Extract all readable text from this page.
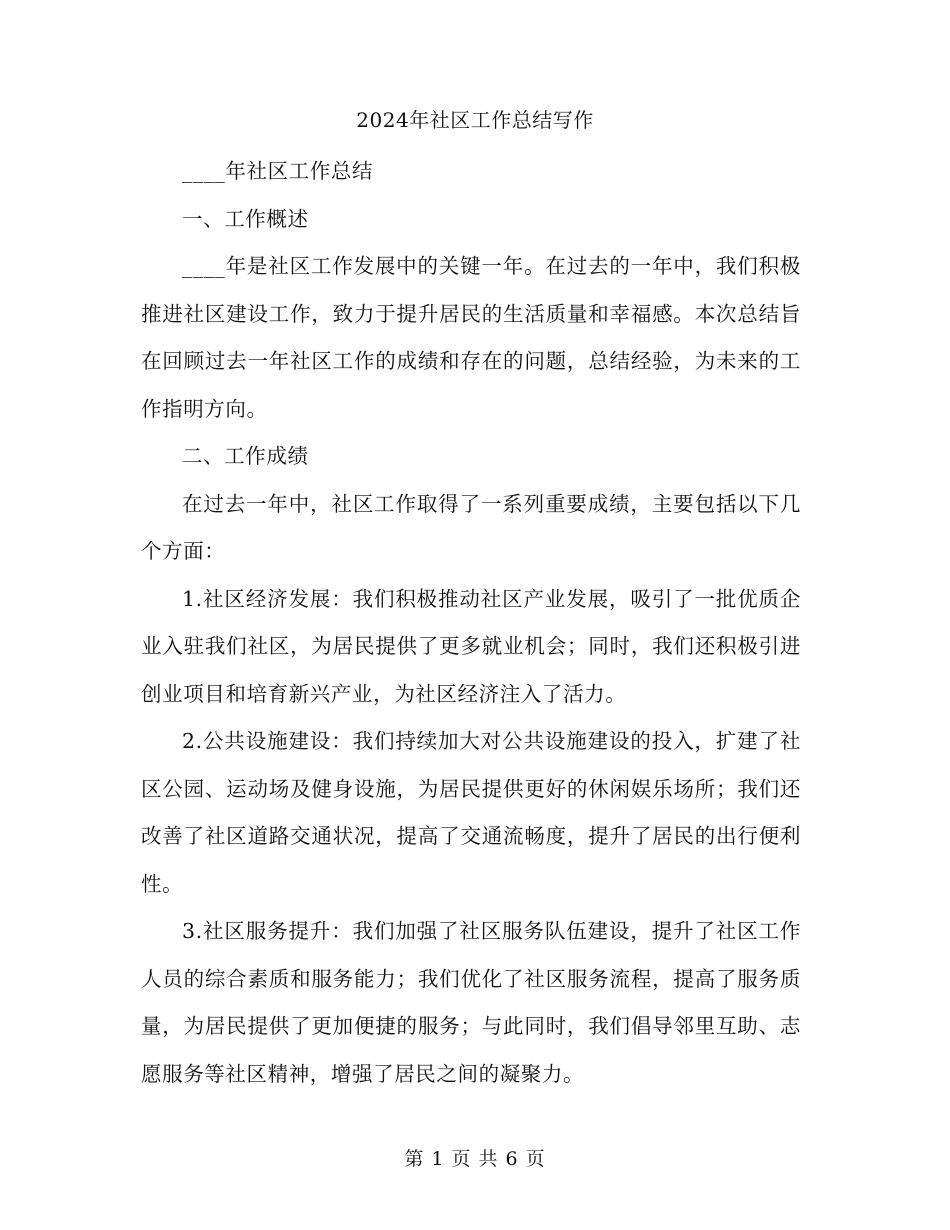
2024年社区工作总结写作

____年社区工作总结

一、工作概述

____年是社区工作发展中的关键一年。在过去的一年中，我们积极推进社区建设工作，致力于提升居民的生活质量和幸福感。本次总结旨在回顾过去一年社区工作的成绩和存在的问题，总结经验，为未来的工作指明方向。

二、工作成绩

在过去一年中，社区工作取得了一系列重要成绩，主要包括以下几个方面：

1.社区经济发展：我们积极推动社区产业发展，吸引了一批优质企业入驻我们社区，为居民提供了更多就业机会；同时，我们还积极引进创业项目和培育新兴产业，为社区经济注入了活力。

2.公共设施建设：我们持续加大对公共设施建设的投入，扩建了社区公园、运动场及健身设施，为居民提供更好的休闲娱乐场所；我们还改善了社区道路交通状况，提高了交通流畅度，提升了居民的出行便利性。

3.社区服务提升：我们加强了社区服务队伍建设，提升了社区工作人员的综合素质和服务能力；我们优化了社区服务流程，提高了服务质量，为居民提供了更加便捷的服务；与此同时，我们倡导邻里互助、志愿服务等社区精神，增强了居民之间的凝聚力。

第 1 页 共 6 页
